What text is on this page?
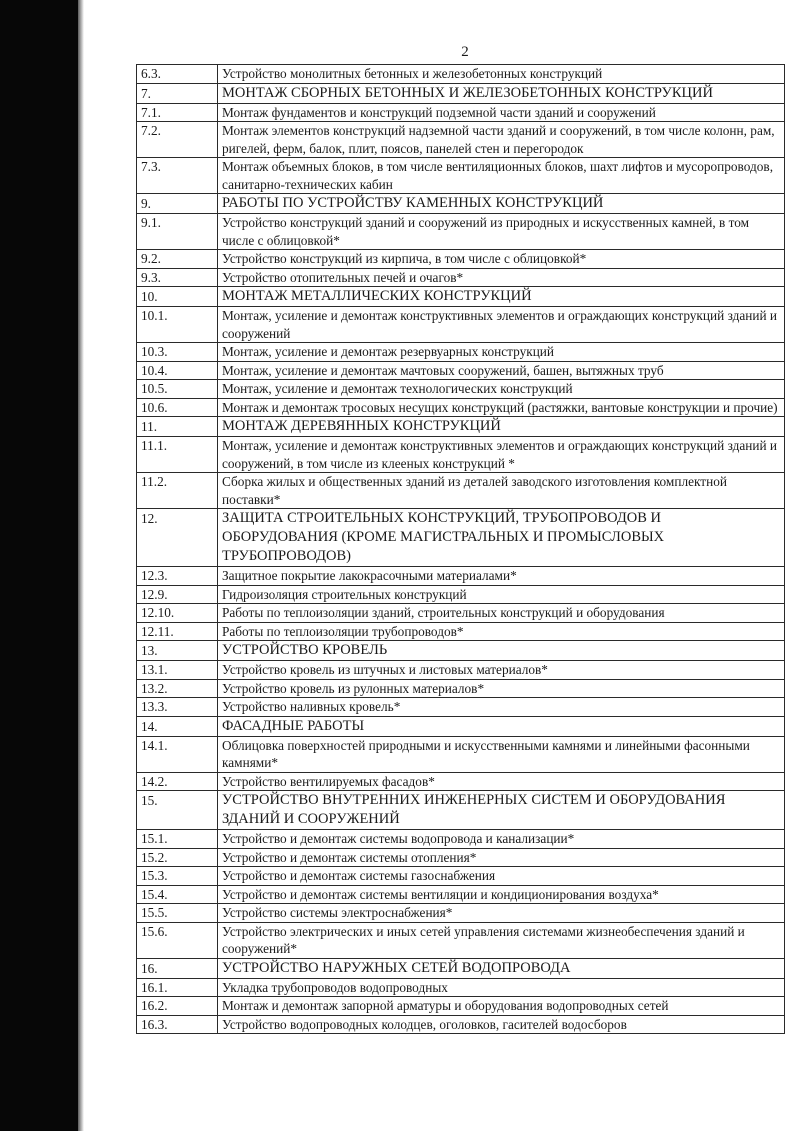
2
6.3.	Устройство монолитных бетонных и железобетонных конструкций
7.	МОНТАЖ СБОРНЫХ БЕТОННЫХ И ЖЕЛЕЗОБЕТОННЫХ КОНСТРУКЦИЙ
7.1.	Монтаж фундаментов и конструкций подземной части зданий и сооружений
7.2.	Монтаж элементов конструкций надземной части зданий и сооружений, в том числе колонн, рам, ригелей, ферм, балок, плит, поясов, панелей стен и перегородок
7.3.	Монтаж объемных блоков, в том числе вентиляционных блоков, шахт лифтов и мусоропроводов, санитарно-технических кабин
9.	РАБОТЫ ПО УСТРОЙСТВУ КАМЕННЫХ КОНСТРУКЦИЙ
9.1.	Устройство конструкций зданий и сооружений из природных и искусственных камней, в том числе с облицовкой*
9.2.	Устройство конструкций из кирпича, в том числе с облицовкой*
9.3.	Устройство отопительных печей и очагов*
10.	МОНТАЖ МЕТАЛЛИЧЕСКИХ КОНСТРУКЦИЙ
10.1.	Монтаж, усиление и демонтаж конструктивных элементов и ограждающих конструкций зданий и сооружений
10.3.	Монтаж, усиление и демонтаж резервуарных конструкций
10.4.	Монтаж, усиление и демонтаж мачтовых сооружений, башен, вытяжных труб
10.5.	Монтаж, усиление и демонтаж технологических конструкций
10.6.	Монтаж и демонтаж тросовых несущих конструкций (растяжки, вантовые конструкции и прочие)
11.	МОНТАЖ ДЕРЕВЯННЫХ КОНСТРУКЦИЙ
11.1.	Монтаж, усиление и демонтаж конструктивных элементов и ограждающих конструкций зданий и сооружений, в том числе из клееных конструкций *
11.2.	Сборка жилых и общественных зданий из деталей заводского изготовления комплектной поставки*
12.	ЗАЩИТА СТРОИТЕЛЬНЫХ КОНСТРУКЦИЙ, ТРУБОПРОВОДОВ И ОБОРУДОВАНИЯ (КРОМЕ МАГИСТРАЛЬНЫХ И ПРОМЫСЛОВЫХ ТРУБОПРОВОДОВ)
12.3.	Защитное покрытие лакокрасочными материалами*
12.9.	Гидроизоляция строительных конструкций
12.10.	Работы по теплоизоляции зданий, строительных конструкций и оборудования
12.11.	Работы по теплоизоляции трубопроводов*
13.	УСТРОЙСТВО КРОВЕЛЬ
13.1.	Устройство кровель из штучных и листовых материалов*
13.2.	Устройство кровель из рулонных материалов*
13.3.	Устройство наливных кровель*
14.	ФАСАДНЫЕ РАБОТЫ
14.1.	Облицовка поверхностей природными и искусственными камнями и линейными фасонными камнями*
14.2.	Устройство вентилируемых фасадов*
15.	УСТРОЙСТВО ВНУТРЕННИХ ИНЖЕНЕРНЫХ СИСТЕМ И ОБОРУДОВАНИЯ ЗДАНИЙ И СООРУЖЕНИЙ
15.1.	Устройство и демонтаж системы водопровода и канализации*
15.2.	Устройство и демонтаж системы отопления*
15.3.	Устройство и демонтаж системы газоснабжения
15.4.	Устройство и демонтаж системы вентиляции и кондиционирования воздуха*
15.5.	Устройство системы электроснабжения*
15.6.	Устройство электрических и иных сетей управления системами жизнеобеспечения зданий и сооружений*
16.	УСТРОЙСТВО НАРУЖНЫХ СЕТЕЙ ВОДОПРОВОДА
16.1.	Укладка трубопроводов водопроводных
16.2.	Монтаж и демонтаж запорной арматуры и оборудования водопроводных сетей
16.3.	Устройство водопроводных колодцев, оголовков, гасителей водосборов
